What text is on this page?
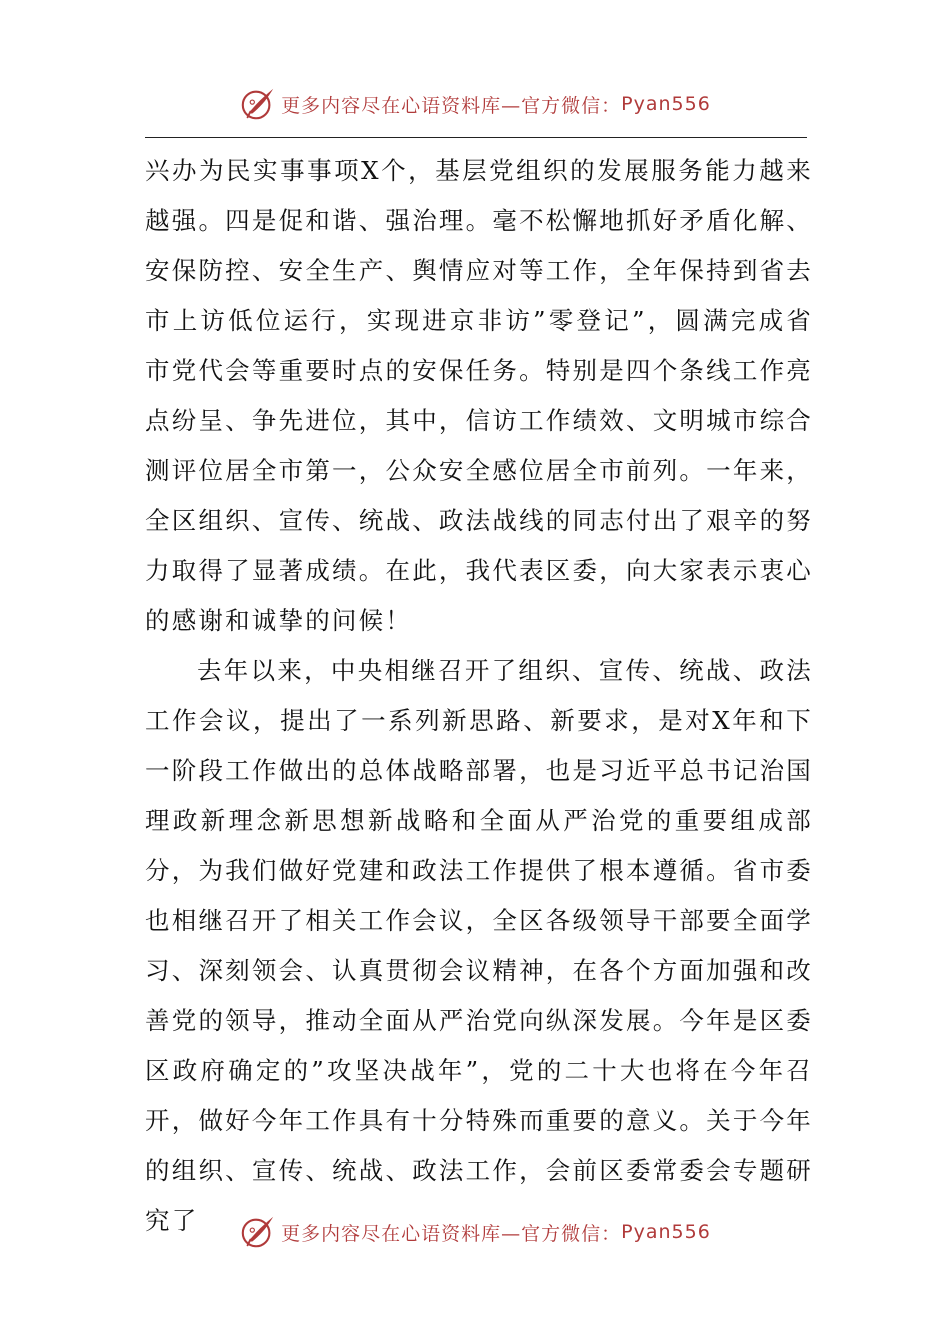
更多内容尽在心语资料库—官方微信： Pyan556

兴办为民实事事项X个，基层党组织的发展服务能力越来越强。四是促和谐、强治理。毫不松懈地抓好矛盾化解、安保防控、安全生产、舆情应对等工作，全年保持到省去市上访低位运行，实现进京非访”零登记”，圆满完成省市党代会等重要时点的安保任务。特别是四个条线工作亮点纷呈、争先进位，其中，信访工作绩效、文明城市综合测评位居全市第一，公众安全感位居全市前列。一年来，全区组织、宣传、统战、政法战线的同志付出了艰辛的努力取得了显著成绩。在此，我代表区委，向大家表示衷心的感谢和诚挚的问候！

去年以来，中央相继召开了组织、宣传、统战、政法工作会议，提出了一系列新思路、新要求，是对X年和下一阶段工作做出的总体战略部署，也是习近平总书记治国理政新理念新思想新战略和全面从严治党的重要组成部分，为我们做好党建和政法工作提供了根本遵循。省市委也相继召开了相关工作会议，全区各级领导干部要全面学习、深刻领会、认真贯彻会议精神，在各个方面加强和改善党的领导，推动全面从严治党向纵深发展。今年是区委区政府确定的”攻坚决战年”，党的二十大也将在今年召开，做好今年工作具有十分特殊而重要的意义。关于今年的组织、宣传、统战、政法工作，会前区委常委会专题研究了	更多内容尽在心语资料库—官方微信： Pyan556
